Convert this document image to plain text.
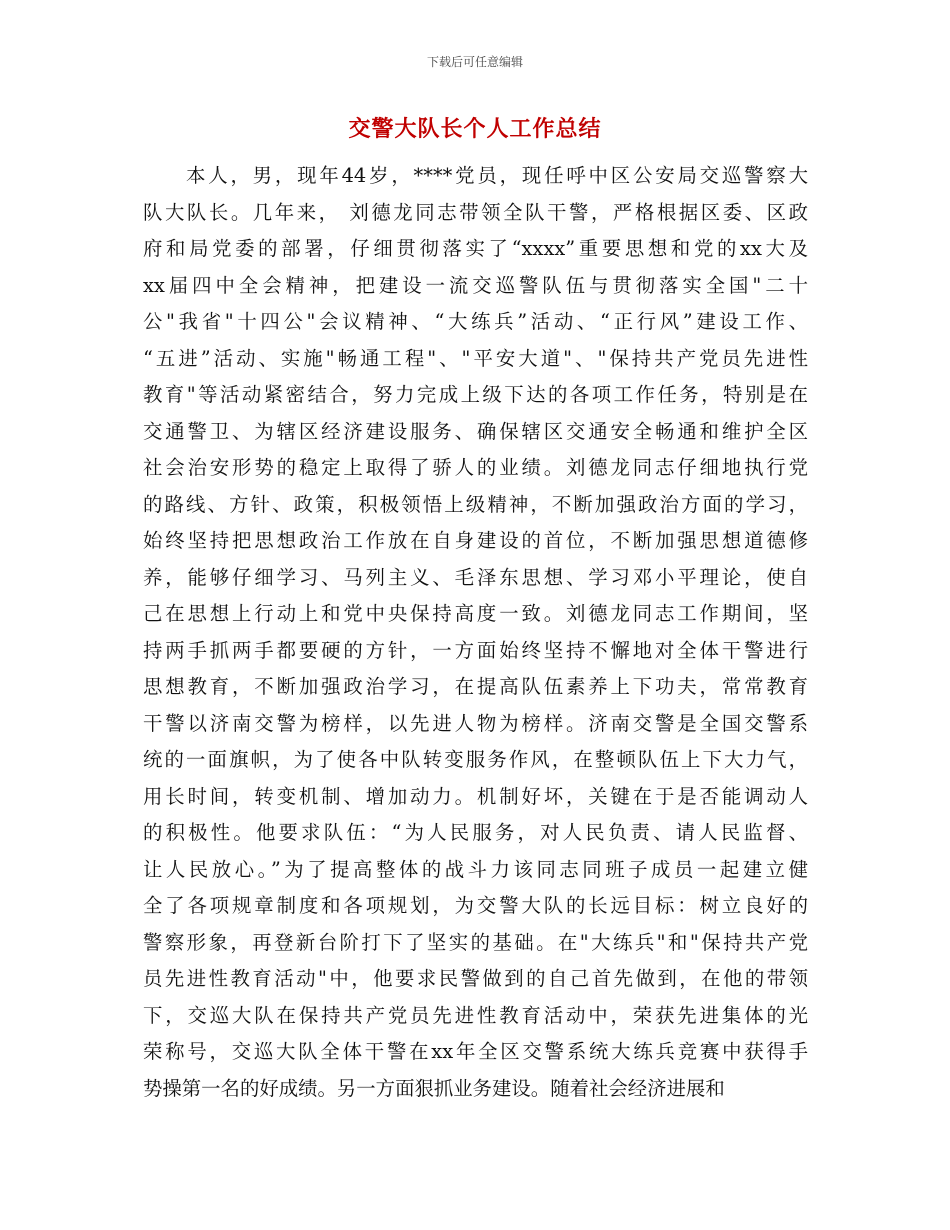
下载后可任意编辑
交警大队长个人工作总结
本人，男，现年44岁，****党员，现任呼中区公安局交巡警察大
队大队长。几年来， 刘德龙同志带领全队干警，严格根据区委、区政
府和局党委的部署，仔细贯彻落实了“xxxx”重要思想和党的xx大及
xx届四中全会精神，把建设一流交巡警队伍与贯彻落实全国"二十
公"我省"十四公"会议精神、“大练兵”活动、“正行风”建设工作、
“五进”活动、实施"畅通工程"、"平安大道"、"保持共产党员先进性
教育"等活动紧密结合，努力完成上级下达的各项工作任务，特别是在
交通警卫、为辖区经济建设服务、确保辖区交通安全畅通和维护全区
社会治安形势的稳定上取得了骄人的业绩。刘德龙同志仔细地执行党
的路线、方针、政策，积极领悟上级精神，不断加强政治方面的学习，
始终坚持把思想政治工作放在自身建设的首位，不断加强思想道德修
养，能够仔细学习、马列主义、毛泽东思想、学习邓小平理论，使自
己在思想上行动上和党中央保持高度一致。刘德龙同志工作期间，坚
持两手抓两手都要硬的方针，一方面始终坚持不懈地对全体干警进行
思想教育，不断加强政治学习，在提高队伍素养上下功夫，常常教育
干警以济南交警为榜样，以先进人物为榜样。济南交警是全国交警系
统的一面旗帜，为了使各中队转变服务作风，在整顿队伍上下大力气，
用长时间，转变机制、增加动力。机制好坏，关键在于是否能调动人
的积极性。他要求队伍：“为人民服务，对人民负责、请人民监督、
让人民放心。”为了提高整体的战斗力该同志同班子成员一起建立健
全了各项规章制度和各项规划，为交警大队的长远目标：树立良好的
警察形象，再登新台阶打下了坚实的基础。在"大练兵"和"保持共产党
员先进性教育活动"中，他要求民警做到的自己首先做到，在他的带领
下，交巡大队在保持共产党员先进性教育活动中，荣获先进集体的光
荣称号，交巡大队全体干警在xx年全区交警系统大练兵竞赛中获得手
势操第一名的好成绩。另一方面狠抓业务建设。随着社会经济进展和
